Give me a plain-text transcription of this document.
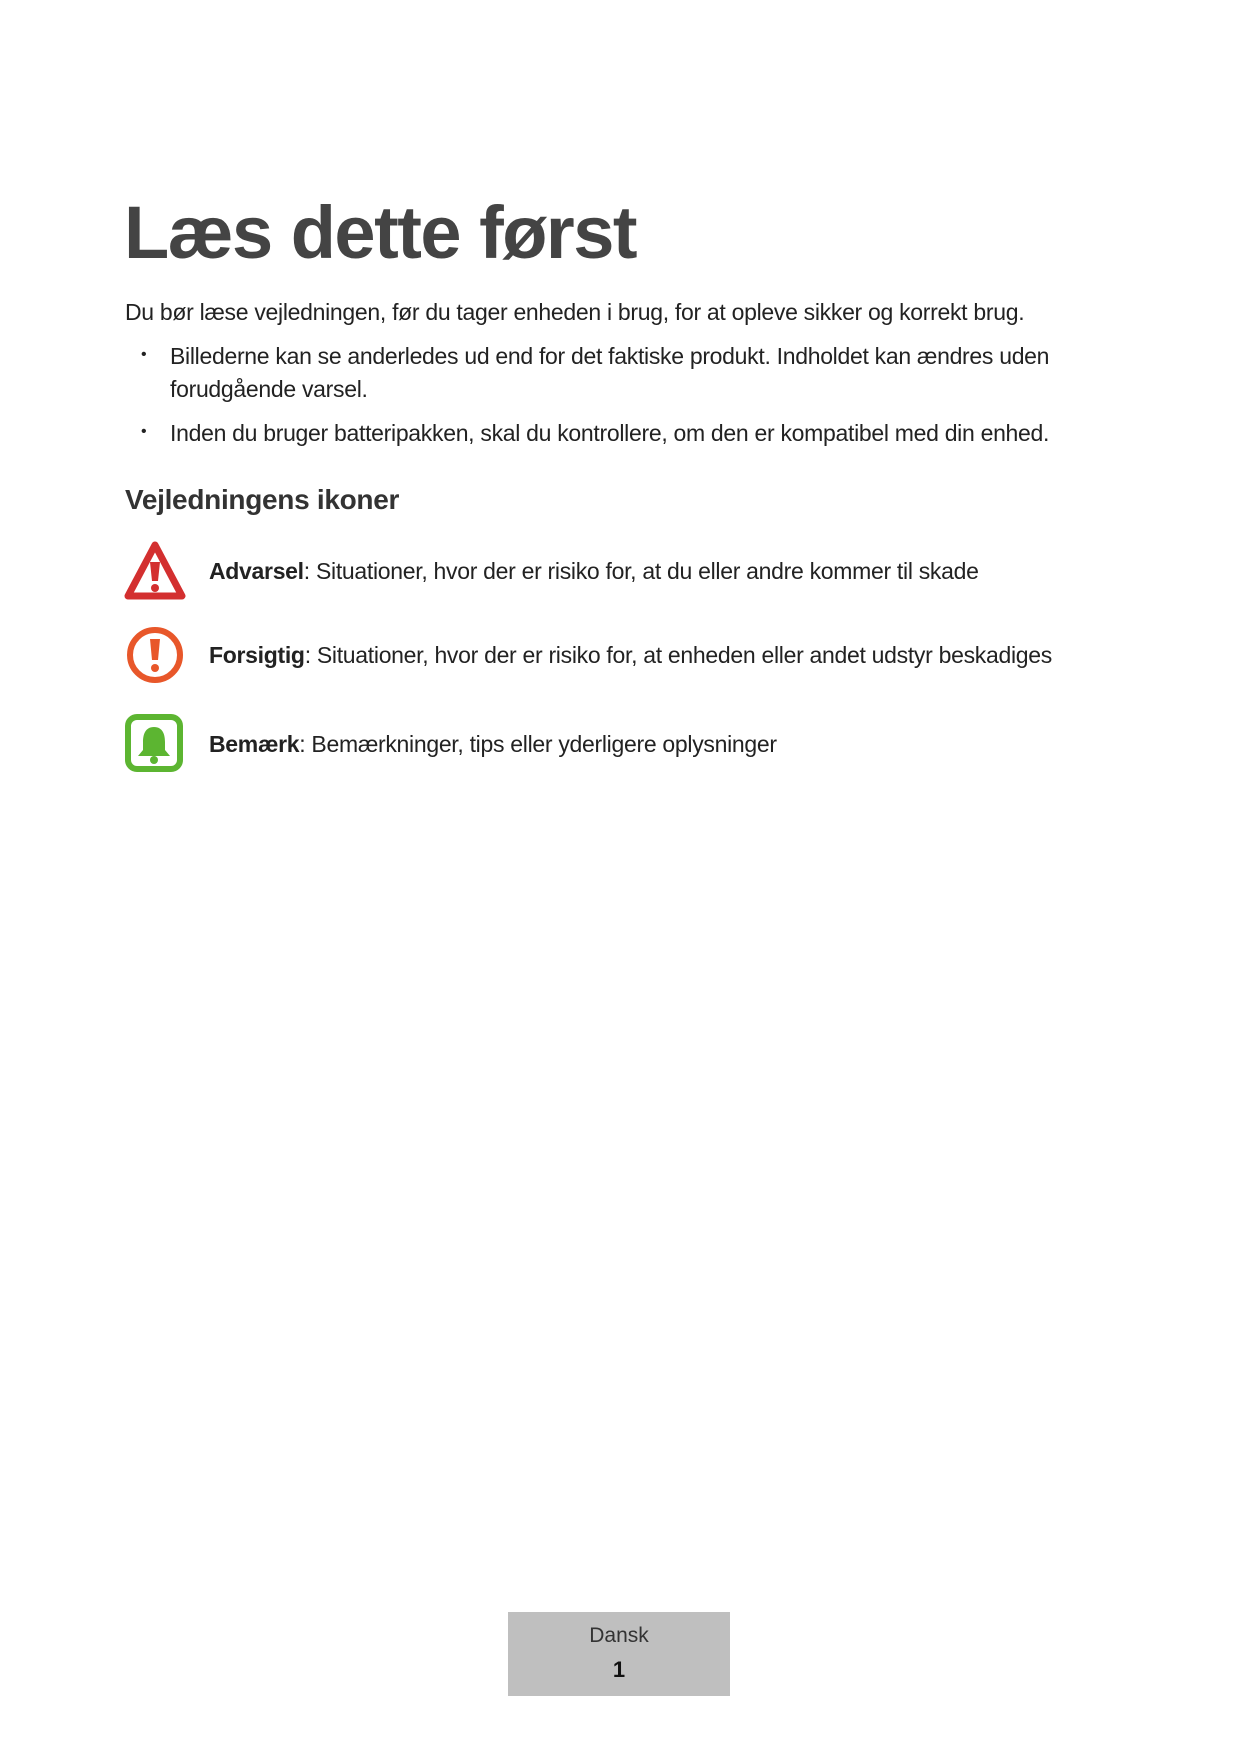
Læs dette først

Du bør læse vejledningen, før du tager enheden i brug, for at opleve sikker og korrekt brug.

• Billederne kan se anderledes ud end for det faktiske produkt. Indholdet kan ændres uden forudgående varsel.
• Inden du bruger batteripakken, skal du kontrollere, om den er kompatibel med din enhed.
Vejledningens ikoner
Advarsel: Situationer, hvor der er risiko for, at du eller andre kommer til skade
Forsigtig: Situationer, hvor der er risiko for, at enheden eller andet udstyr beskadiges
Bemærk: Bemærkninger, tips eller yderligere oplysninger
Dansk
1
